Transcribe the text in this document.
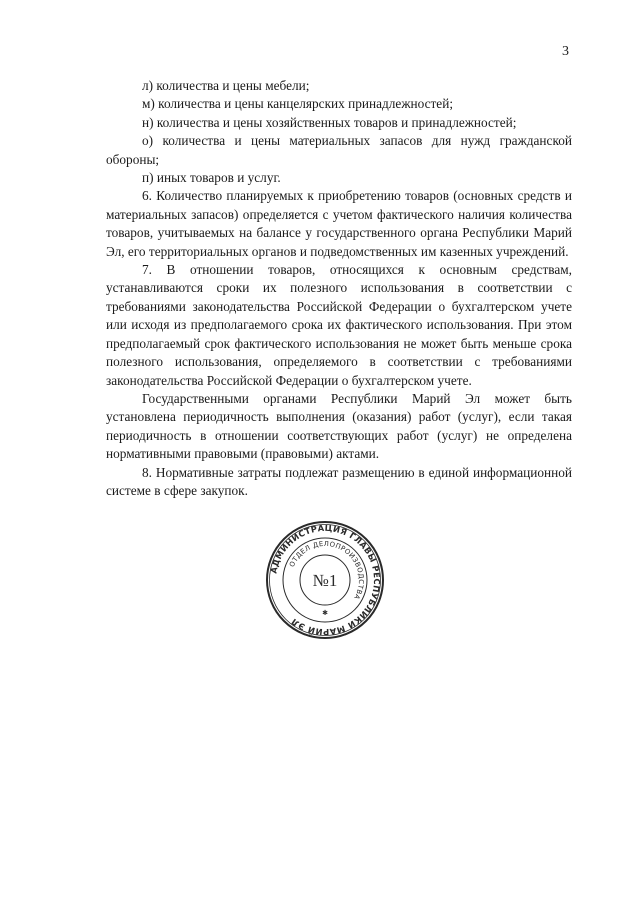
3

л) количества и цены мебели;

м) количества и цены канцелярских принадлежностей;

н) количества и цены хозяйственных товаров и принадлежностей;

о) количества и цены материальных запасов для нужд гражданской обороны;

п) иных товаров и услуг.

6. Количество планируемых к приобретению товаров (основных средств и материальных запасов) определяется с учетом фактического наличия количества товаров, учитываемых на балансе у государственного органа Республики Марий Эл, его территориальных органов и подведомственных им казенных учреждений.

7. В отношении товаров, относящихся к основным средствам, устанавливаются сроки их полезного использования в соответствии с требованиями законодательства Российской Федерации о бухгалтерском учете или исходя из предполагаемого срока их фактического использования. При этом предполагаемый срок фактического использования не может быть меньше срока полезного использования, определяемого в соответствии с требованиями законодательства Российской Федерации о бухгалтерском учете.

Государственными органами Республики Марий Эл может быть установлена периодичность выполнения (оказания) работ (услуг), если такая периодичность в отношении соответствующих работ (услуг) не определена нормативными правовыми (правовыми) актами.

8. Нормативные затраты подлежат размещению в единой информационной системе в сфере закупок.

АДМИНИСТРАЦИЯ ГЛАВЫ РЕСПУБЛИКИ МАРИЙ ЭЛ
ОТДЕЛ ДЕЛОПРОИЗВОДСТВА
№1
✱
